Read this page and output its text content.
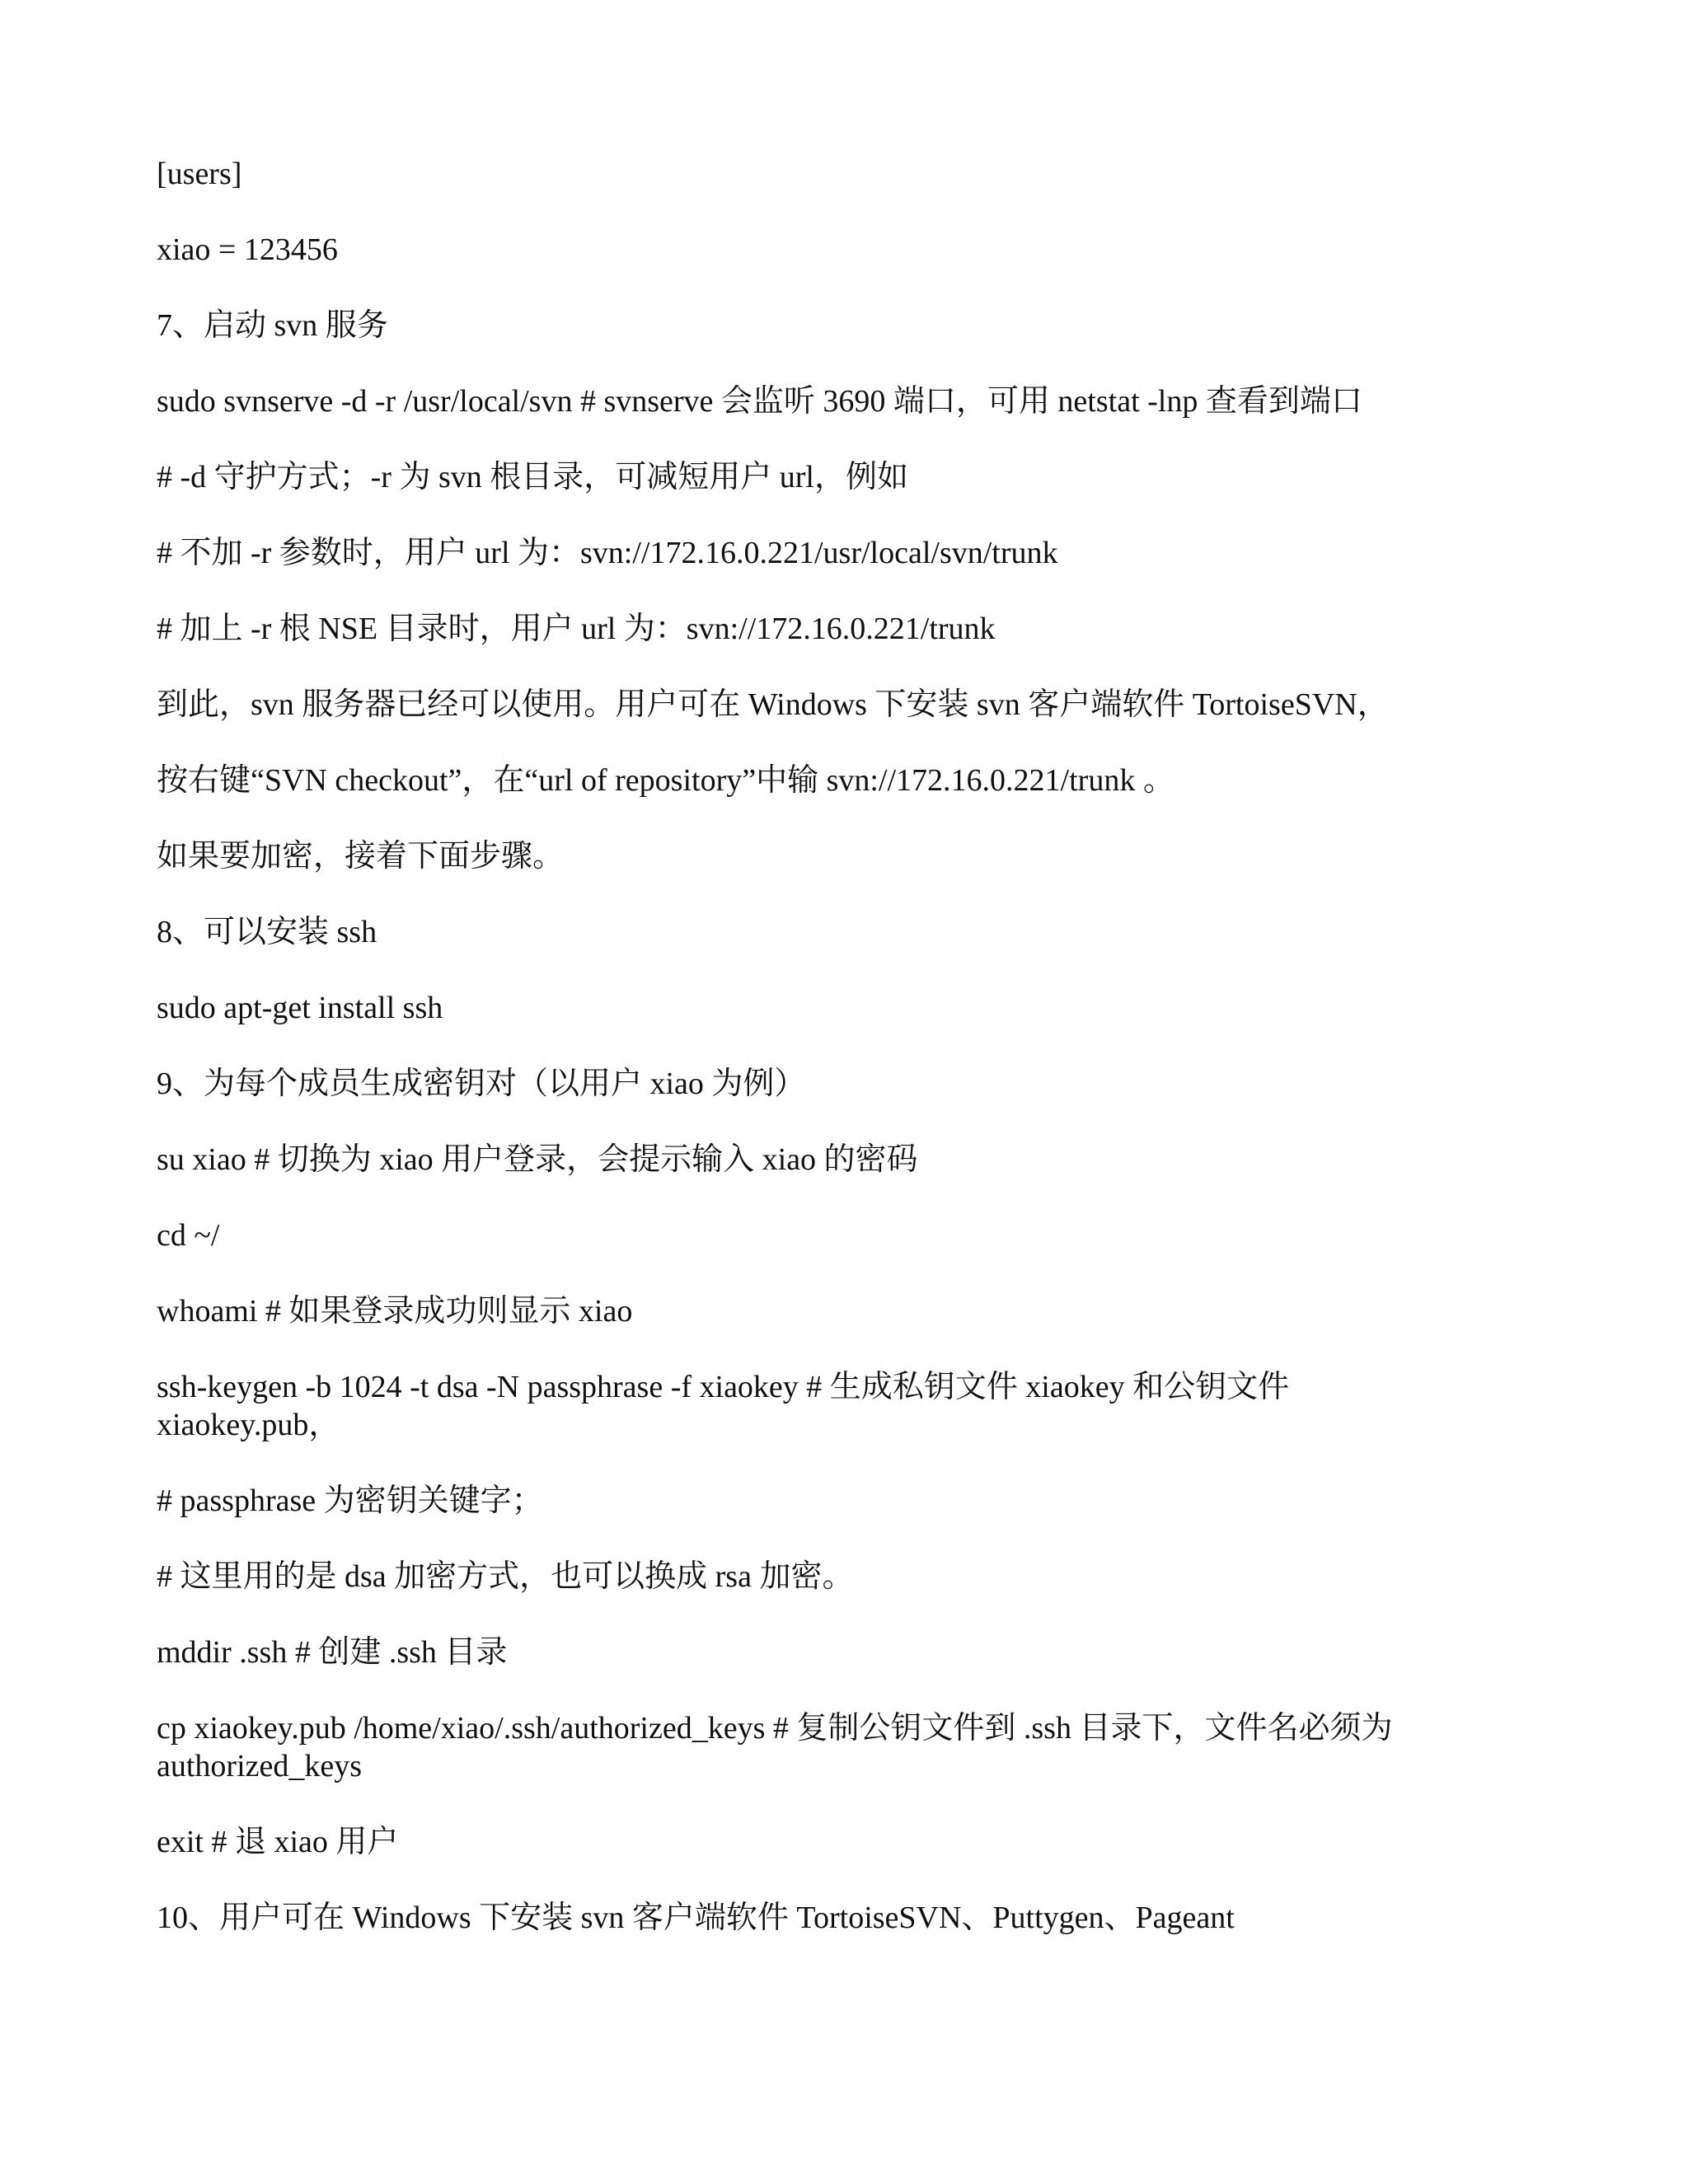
[users]

xiao = 123456

7、启动 svn 服务

sudo svnserve -d -r /usr/local/svn # svnserve 会监听 3690 端口，可用 netstat -lnp 查看到端口

# -d 守护方式；-r 为 svn 根目录，可减短用户 url，例如

# 不加 -r 参数时，用户 url 为：svn://172.16.0.221/usr/local/svn/trunk

# 加上 -r 根 NSE 目录时，用户 url 为：svn://172.16.0.221/trunk

到此，svn 服务器已经可以使用。用户可在 Windows 下安装 svn 客户端软件 TortoiseSVN，

按右键“SVN checkout”，在“url of repository”中输 svn://172.16.0.221/trunk 。

如果要加密，接着下面步骤。

8、可以安装 ssh

sudo apt-get install ssh

9、为每个成员生成密钥对（以用户 xiao 为例）

su xiao # 切换为 xiao 用户登录，会提示输入 xiao 的密码

cd ~/

whoami # 如果登录成功则显示 xiao

ssh-keygen -b 1024 -t dsa -N passphrase -f xiaokey # 生成私钥文件 xiaokey 和公钥文件
xiaokey.pub，

# passphrase 为密钥关键字；

# 这里用的是 dsa 加密方式，也可以换成 rsa 加密。

mddir .ssh # 创建 .ssh 目录

cp xiaokey.pub /home/xiao/.ssh/authorized_keys # 复制公钥文件到 .ssh 目录下，文件名必须为
authorized_keys

exit # 退 xiao 用户

10、用户可在 Windows 下安装 svn 客户端软件 TortoiseSVN、Puttygen、Pageant
